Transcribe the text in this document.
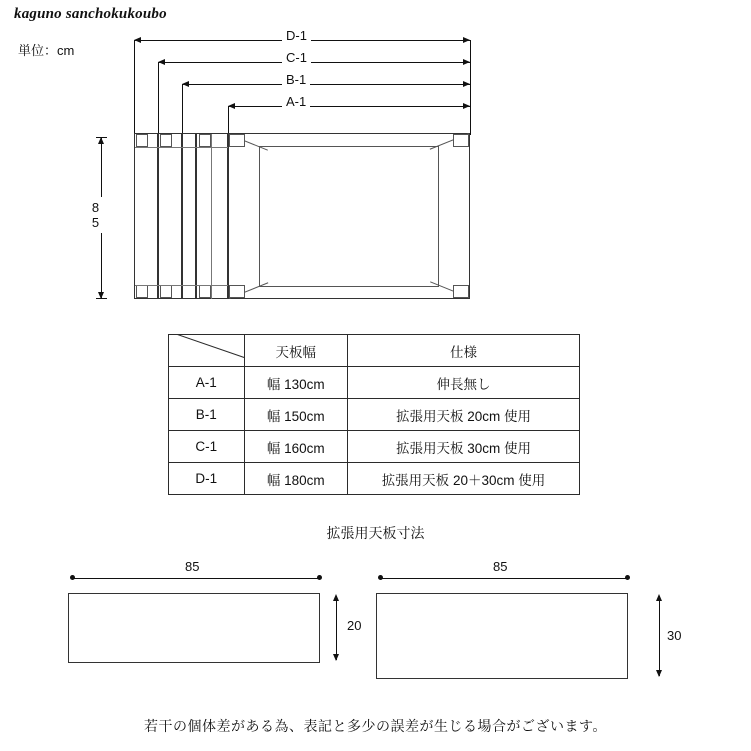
kaguno sanchokukoubo
単位：cm
D-1
C-1
B-1
A-1
85
	天板幅	仕様
A-1	幅 130cm	伸長無し
B-1	幅 150cm	拡張用天板 20cm 使用
C-1	幅 160cm	拡張用天板 30cm 使用
D-1	幅 180cm	拡張用天板 20＋30cm 使用
拡張用天板寸法
85
20
85
30
若干の個体差がある為、表記と多少の誤差が生じる場合がございます。
